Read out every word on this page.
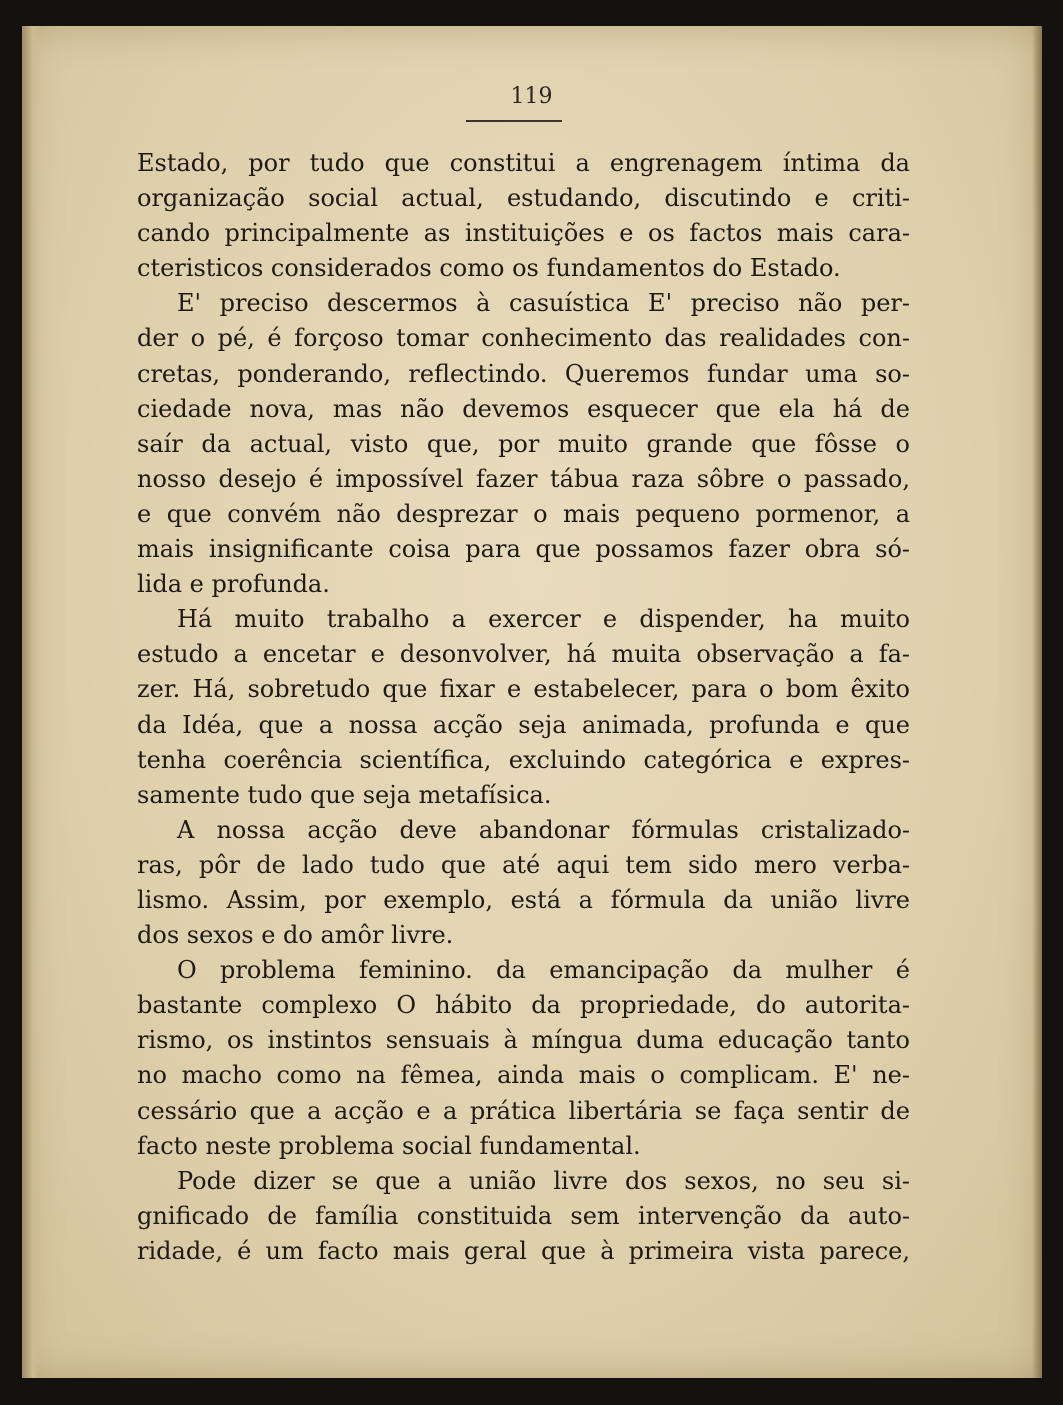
119
Estado, por tudo que constitui a engrenagem íntima da
organização social actual, estudando, discutindo e criti-
cando principalmente as instituições e os factos mais cara-
cteristicos considerados como os fundamentos do Estado.
E' preciso descermos à casuística E' preciso não per-
der o pé, é forçoso tomar conhecimento das realidades con-
cretas, ponderando, reflectindo. Queremos fundar uma so-
ciedade nova, mas não devemos esquecer que ela há de
saír da actual, visto que, por muito grande que fôsse o
nosso desejo é impossível fazer tábua raza sôbre o passado,
e que convém não desprezar o mais pequeno pormenor, a
mais insignificante coisa para que possamos fazer obra só-
lida e profunda.
Há muito trabalho a exercer e dispender, ha muito
estudo a encetar e desonvolver, há muita observação a fa-
zer. Há, sobretudo que fixar e estabelecer, para o bom êxito
da Idéa, que a nossa acção seja animada, profunda e que
tenha coerência scientífica, excluindo categórica e expres-
samente tudo que seja metafísica.
A nossa acção deve abandonar fórmulas cristalizado-
ras, pôr de lado tudo que até aqui tem sido mero verba-
lismo. Assim, por exemplo, está a fórmula da união livre
dos sexos e do amôr livre.
O problema feminino. da emancipação da mulher é
bastante complexo O hábito da propriedade, do autorita-
rismo, os instintos sensuais à míngua duma educação tanto
no macho como na fêmea, ainda mais o complicam. E' ne-
cessário que a acção e a prática libertária se faça sentir de
facto neste problema social fundamental.
Pode dizer se que a união livre dos sexos, no seu si-
gnificado de família constituida sem intervenção da auto-
ridade, é um facto mais geral que à primeira vista parece,
